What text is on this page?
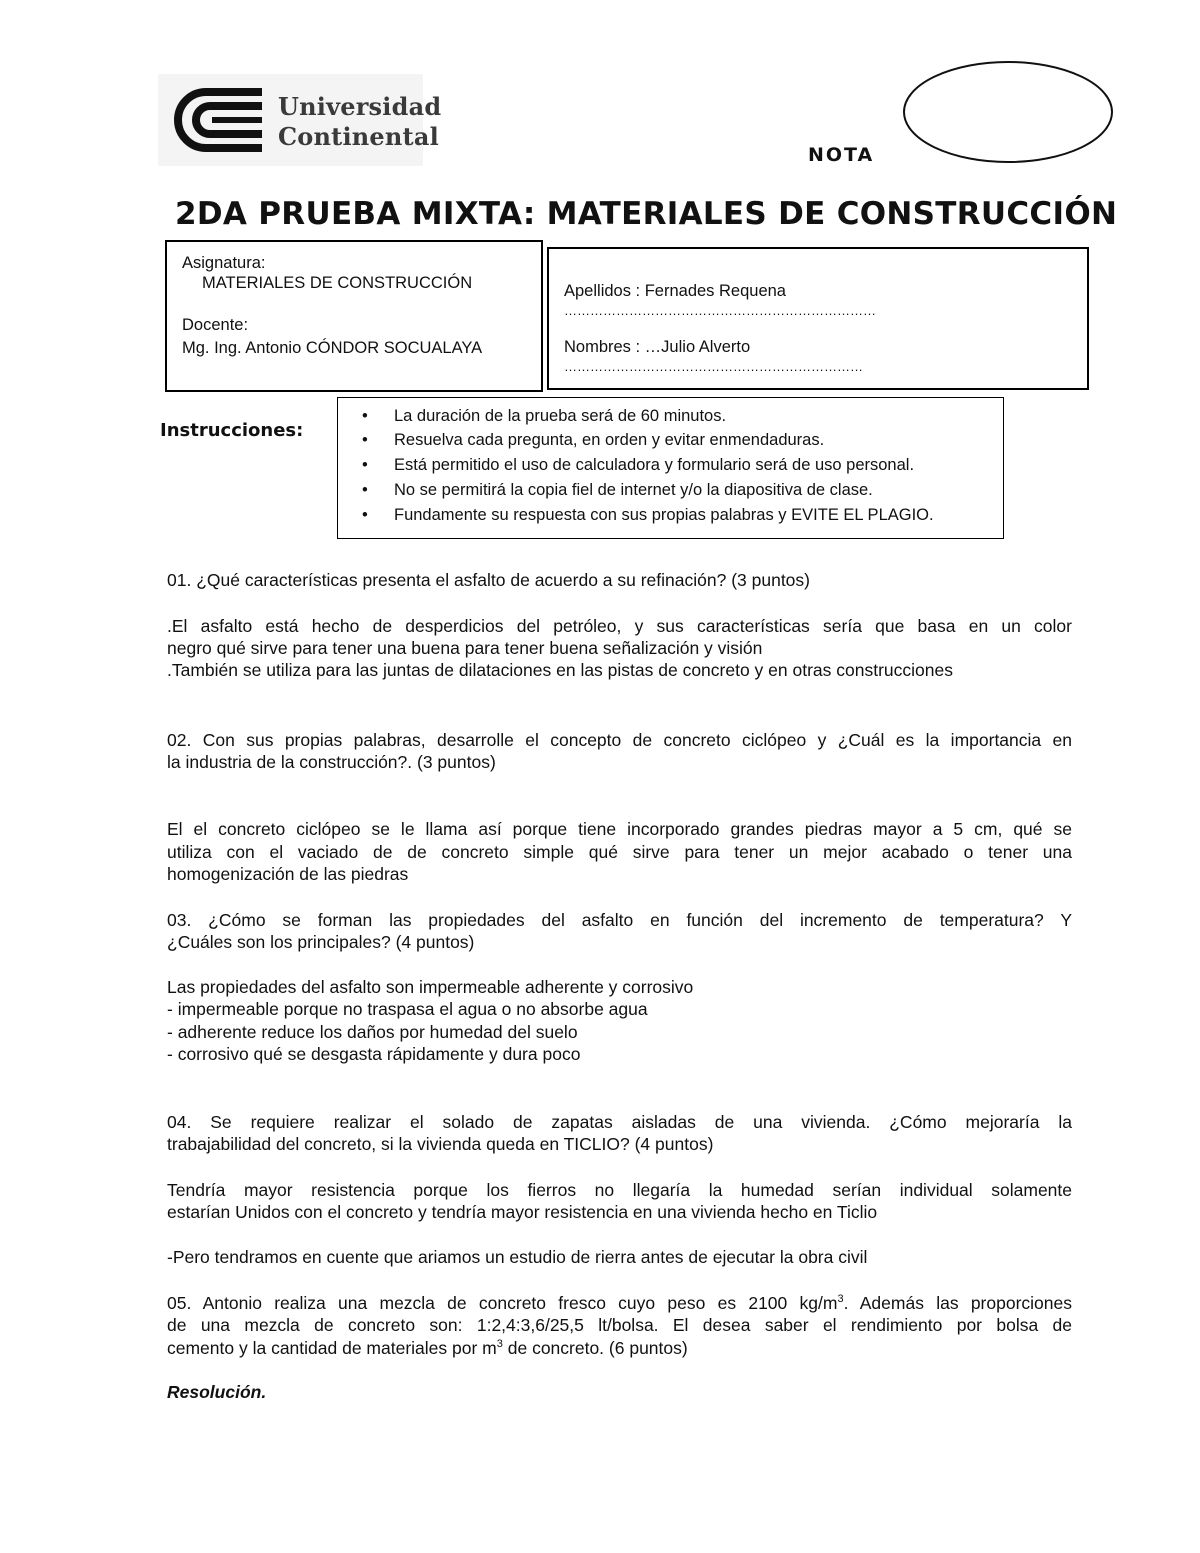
Universidad
Continental
NOTA
2DA PRUEBA MIXTA: MATERIALES DE CONSTRUCCIÓN
Asignatura:
MATERIALES DE CONSTRUCCIÓN
Docente:
Mg. Ing. Antonio CÓNDOR SOCUALAYA
Apellidos : Fernades Requena
………………………………………………………………
Nombres : …Julio Alverto
……………………………………………………………
Instrucciones:
• La duración de la prueba será de 60 minutos.
• Resuelva cada pregunta, en orden y evitar enmendaduras.
• Está permitido el uso de calculadora y formulario será de uso personal.
• No se permitirá la copia fiel de internet y/o la diapositiva de clase.
• Fundamente su respuesta con sus propias palabras y EVITE EL PLAGIO.
01. ¿Qué características presenta el asfalto de acuerdo a su refinación? (3 puntos)
.El asfalto está hecho de desperdicios del petróleo, y sus características sería que basa en un color
negro qué sirve para tener una buena para tener buena señalización y visión
.También se utiliza para las juntas de dilataciones en las pistas de concreto y en otras construcciones
02. Con sus propias palabras, desarrolle el concepto de concreto ciclópeo y ¿Cuál es la importancia en
la industria de la construcción?. (3 puntos)
El el concreto ciclópeo se le llama así porque tiene incorporado grandes piedras mayor a 5 cm, qué se
utiliza con el vaciado de de concreto simple qué sirve para tener un mejor acabado o tener una
homogenización de las piedras
03. ¿Cómo se forman las propiedades del asfalto en función del incremento de temperatura? Y
¿Cuáles son los principales? (4 puntos)
Las propiedades del asfalto son impermeable adherente y corrosivo
- impermeable porque no traspasa el agua o no absorbe agua
- adherente reduce los daños por humedad del suelo
- corrosivo qué se desgasta rápidamente y dura poco
04. Se requiere realizar el solado de zapatas aisladas de una vivienda. ¿Cómo mejoraría la
trabajabilidad del concreto, si la vivienda queda en TICLIO? (4 puntos)
Tendría mayor resistencia porque los fierros no llegaría la humedad serían individual solamente
estarían Unidos con el concreto y tendría mayor resistencia en una vivienda hecho en Ticlio
-Pero tendramos en cuente que ariamos un estudio de rierra antes de ejecutar la obra civil
05. Antonio realiza una mezcla de concreto fresco cuyo peso es 2100 $kg/m^3$. Además las proporciones
de una mezcla de concreto son: 1:2,4:3,6/25,5 lt/bolsa. El desea saber el rendimiento por bolsa de
cemento y la cantidad de materiales por $m^3$ de concreto. (6 puntos)
Resolución.
